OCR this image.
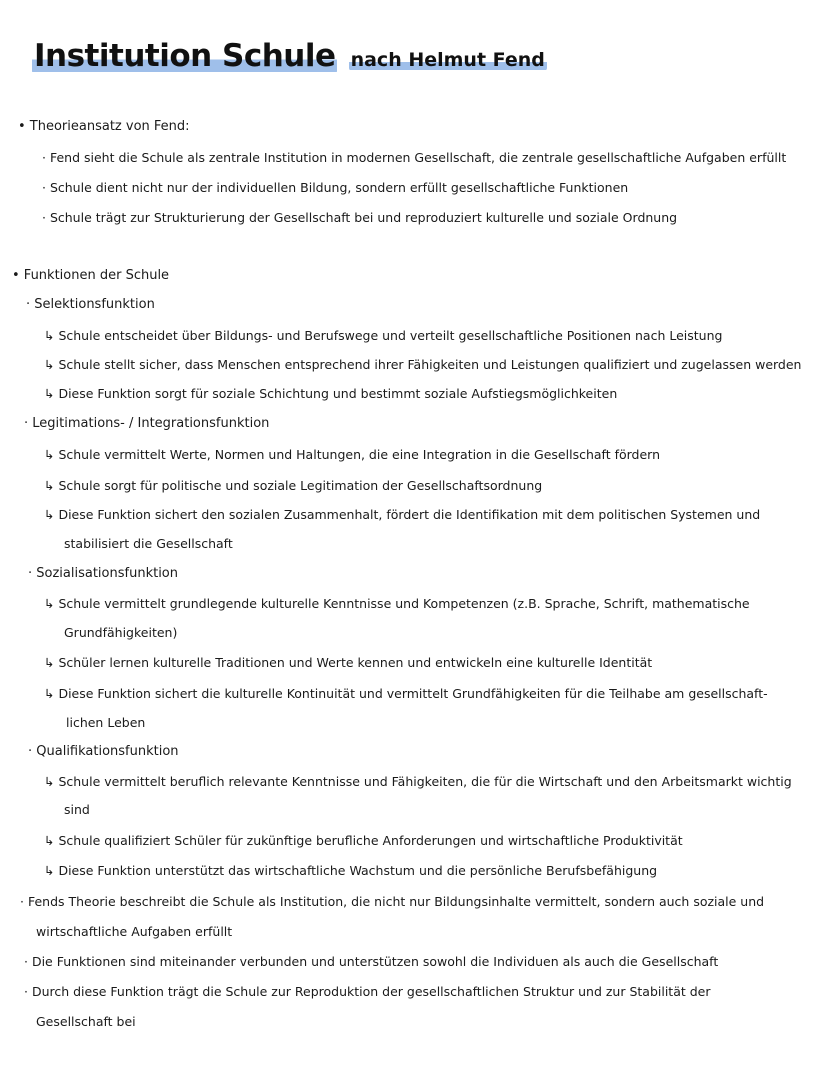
Institution Schule nach Helmut Fend
• Theorieansatz von Fend:
· Fend sieht die Schule als zentrale Institution in modernen Gesellschaft, die zentrale gesellschaftliche Aufgaben erfüllt
· Schule dient nicht nur der individuellen Bildung, sondern erfüllt gesellschaftliche Funktionen
· Schule trägt zur Strukturierung der Gesellschaft bei und reproduziert kulturelle und soziale Ordnung
• Funktionen der Schule
· Selektionsfunktion
↳ Schule entscheidet über Bildungs- und Berufswege und verteilt gesellschaftliche Positionen nach Leistung
↳ Schule stellt sicher, dass Menschen entsprechend ihrer Fähigkeiten und Leistungen qualifiziert und zugelassen werden
↳ Diese Funktion sorgt für soziale Schichtung und bestimmt soziale Aufstiegsmöglichkeiten
· Legitimations- / Integrationsfunktion
↳ Schule vermittelt Werte, Normen und Haltungen, die eine Integration in die Gesellschaft fördern
↳ Schule sorgt für politische und soziale Legitimation der Gesellschaftsordnung
↳ Diese Funktion sichert den sozialen Zusammenhalt, fördert die Identifikation mit dem politischen Systemen und
stabilisiert die Gesellschaft
· Sozialisationsfunktion
↳ Schule vermittelt grundlegende kulturelle Kenntnisse und Kompetenzen (z.B. Sprache, Schrift, mathematische
Grundfähigkeiten)
↳ Schüler lernen kulturelle Traditionen und Werte kennen und entwickeln eine kulturelle Identität
↳ Diese Funktion sichert die kulturelle Kontinuität und vermittelt Grundfähigkeiten für die Teilhabe am gesellschaft-
lichen Leben
· Qualifikationsfunktion
↳ Schule vermittelt beruflich relevante Kenntnisse und Fähigkeiten, die für die Wirtschaft und den Arbeitsmarkt wichtig
sind
↳ Schule qualifiziert Schüler für zukünftige berufliche Anforderungen und wirtschaftliche Produktivität
↳ Diese Funktion unterstützt das wirtschaftliche Wachstum und die persönliche Berufsbefähigung
· Fends Theorie beschreibt die Schule als Institution, die nicht nur Bildungsinhalte vermittelt, sondern auch soziale und
wirtschaftliche Aufgaben erfüllt
· Die Funktionen sind miteinander verbunden und unterstützen sowohl die Individuen als auch die Gesellschaft
· Durch diese Funktion trägt die Schule zur Reproduktion der gesellschaftlichen Struktur und zur Stabilität der
Gesellschaft bei
